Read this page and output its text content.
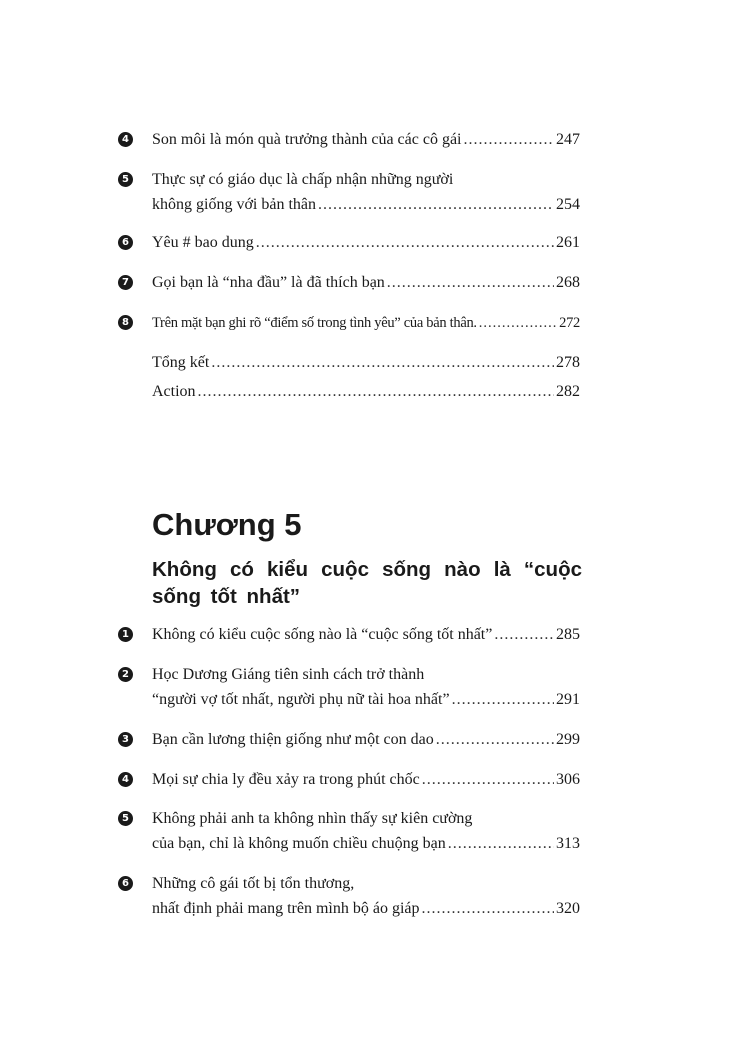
4 Son môi là món quà trưởng thành của các cô gái .....	247
5 Thực sự có giáo dục là chấp nhận những người
không giống với bản thân .....	254
6 Yêu # bao dung .....	261
7 Gọi bạn là “nha đầu” là đã thích bạn .....	268
8 Trên mặt bạn ghi rõ “điểm số trong tình yêu” của bản thân. .....	272
Tổng kết .....	278
Action .....	282
Chương 5
Không có kiểu cuộc sống nào là “cuộc sống tốt nhất”
1 Không có kiểu cuộc sống nào là “cuộc sống tốt nhất” .....	285
2 Học Dương Giáng tiên sinh cách trở thành
“người vợ tốt nhất, người phụ nữ tài hoa nhất” .....	291
3 Bạn cần lương thiện giống như một con dao .....	299
4 Mọi sự chia ly đều xảy ra trong phút chốc .....	306
5 Không phải anh ta không nhìn thấy sự kiên cường
của bạn, chỉ là không muốn chiều chuộng bạn .....	313
6 Những cô gái tốt bị tổn thương,
nhất định phải mang trên mình bộ áo giáp .....	320
